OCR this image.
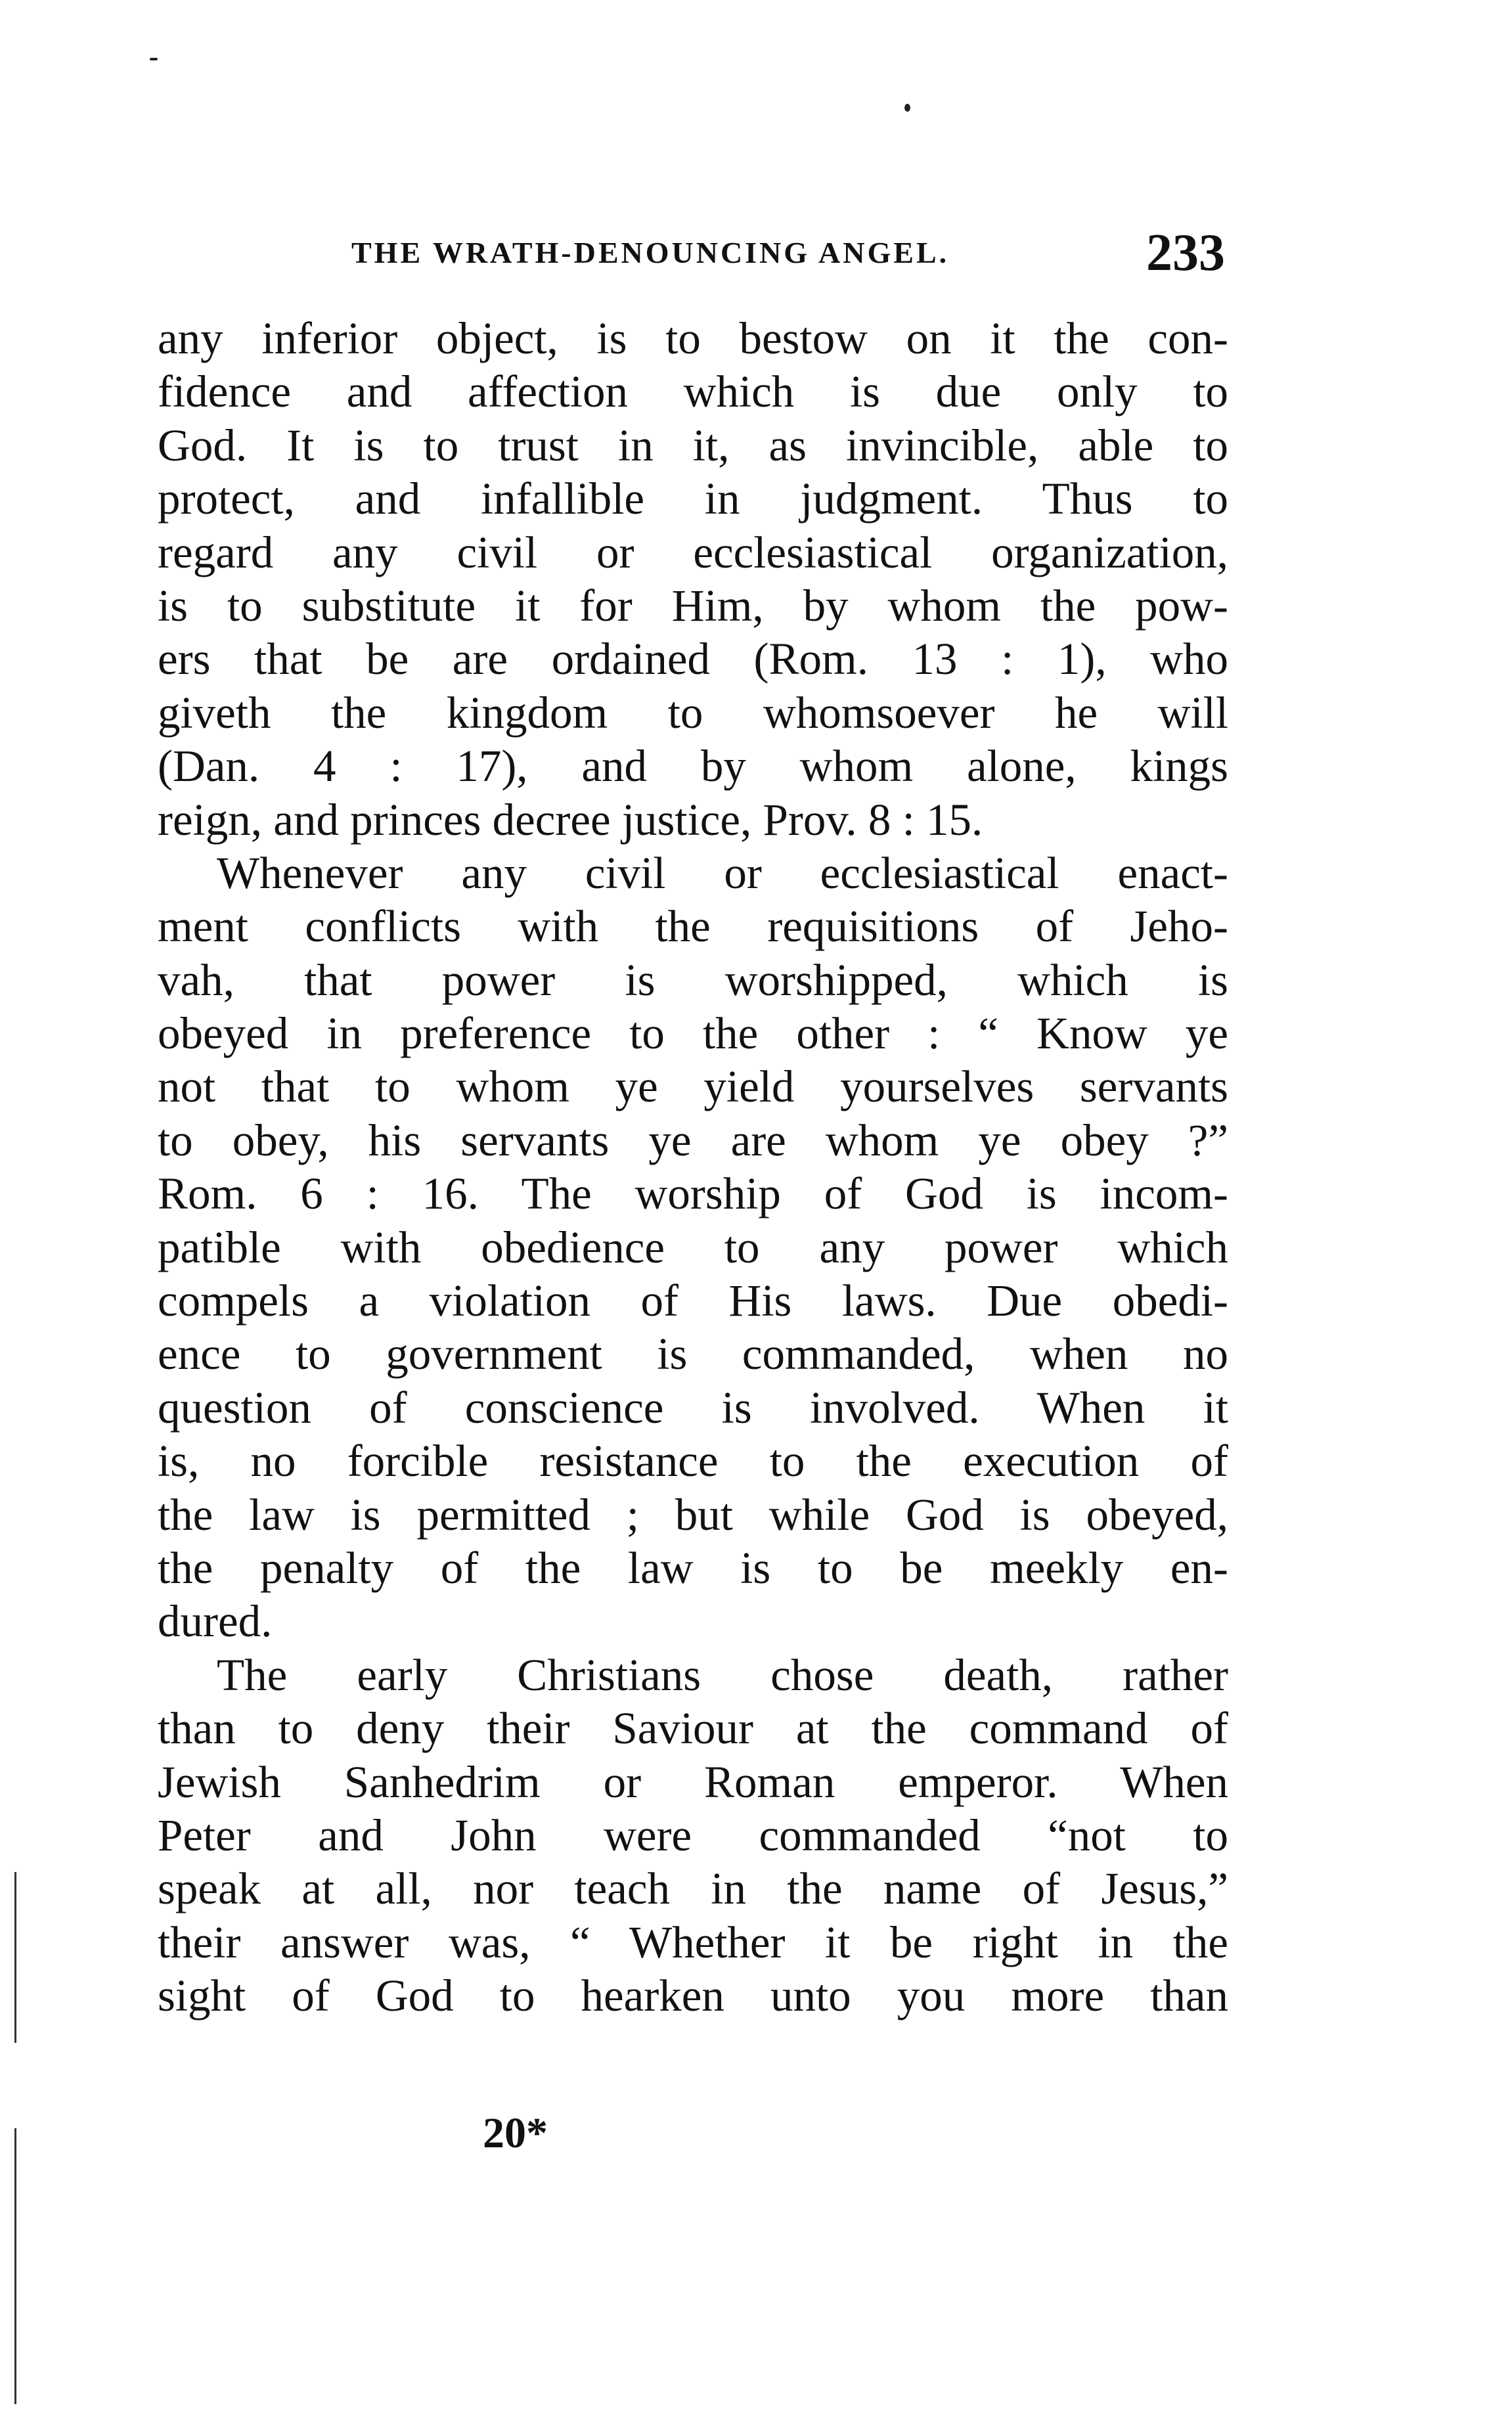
THE WRATH-DENOUNCING ANGEL.	233
any inferior object, is to bestow on it the con-
fidence and affection which is due only to
God. It is to trust in it, as invincible, able to
protect, and infallible in judgment. Thus to
regard any civil or ecclesiastical organization,
is to substitute it for Him, by whom the pow-
ers that be are ordained (Rom. 13 : 1), who
giveth the kingdom to whomsoever he will
(Dan. 4 : 17), and by whom alone, kings
reign, and princes decree justice, Prov. 8 : 15.
Whenever any civil or ecclesiastical enact-
ment conflicts with the requisitions of Jeho-
vah, that power is worshipped, which is
obeyed in preference to the other : “ Know ye
not that to whom ye yield yourselves servants
to obey, his servants ye are whom ye obey ?”
Rom. 6 : 16. The worship of God is incom-
patible with obedience to any power which
compels a violation of His laws. Due obedi-
ence to government is commanded, when no
question of conscience is involved. When it
is, no forcible resistance to the execution of
the law is permitted ; but while God is obeyed,
the penalty of the law is to be meekly en-
dured.
The early Christians chose death, rather
than to deny their Saviour at the command of
Jewish Sanhedrim or Roman emperor. When
Peter and John were commanded “not to
speak at all, nor teach in the name of Jesus,”
their answer was, “ Whether it be right in the
sight of God to hearken unto you more than
20*
